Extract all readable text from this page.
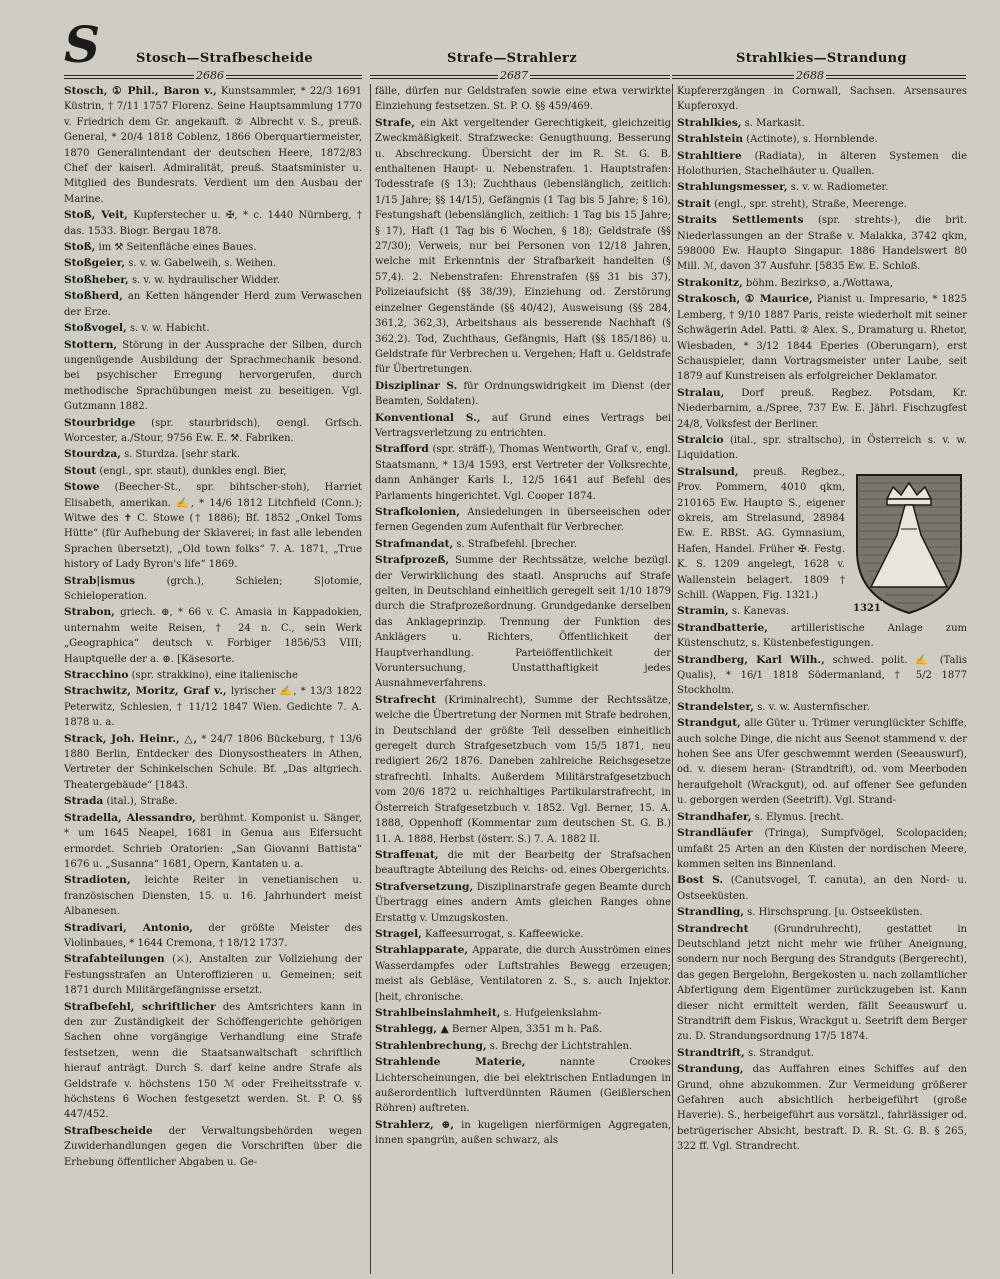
S	Stosch—Strafbescheide	Strafe—Strahlerz	Strahlkies—Strandung
2686	2687	2688

Stosch, ① Phil., Baron v., Kunstsammler, * 22/3 1691 Küstrin, † 7/11 1757 Florenz. Seine Hauptsammlung 1770 v. Friedrich dem Gr. angekauft. ② Albrecht v. S., preuß. General, * 20/4 1818 Coblenz, 1866 Oberquartiermeister, 1870 Generalintendant der deutschen Heere, 1872/83 Chef der kaiserl. Admiralität, preuß. Staatsminister u. Mitglied des Bundesrats. Verdient um den Ausbau der Marine.

Stoß, Veit, Kupferstecher u. ✠, * c. 1440 Nürnberg, † das. 1533. Biogr. Bergau 1878.

Stoß, im ⚒ Seitenfläche eines Baues.

Stoßgeier, s. v. w. Gabelweih, s. Weihen.

Stoßheber, s. v. w. hydraulischer Widder.

Stoßherd, an Ketten hängender Herd zum Verwaschen der Erze.

Stoßvogel, s. v. w. Habicht.

Stottern, Störung in der Aussprache der Silben, durch ungenügende Ausbildung der Sprachmechanik besond. bei psychischer Erregung hervorgerufen, durch methodische Sprachübungen meist zu beseitigen. Vgl. Gutzmann 1882.

Stourbridge (spr. staurbridsch), ⊙engl. Grfsch. Worcester, a./Stour, 9756 Ew. E. ⚒. Fabriken.

Stourdza, s. Sturdza. [sehr stark.

Stout (engl., spr. staut), dunkles engl. Bier,

Stowe (Beecher-St., spr. bihtscher-stoh), Harriet Elisabeth, amerikan. ✍, * 14/6 1812 Litchfield (Conn.); Witwe des ✝ C. Stowe († 1886); Bf. 1852 „Onkel Toms Hütte“ (für Aufhebung der Sklaverei; in fast alle lebenden Sprachen übersetzt), „Old town folks“ 7. A. 1871, „True history of Lady Byron's life“ 1869.

Strab|ismus	(grch.), Schielen; S|otomie, Schieloperation.

Strabon, griech. ⊕, * 66 v. C. Amasia in Kappadokien, unternahm weite Reisen, † 24 n. C., sein Werk „Geographica“ deutsch v. Forbiger 1856/53 VIII; Hauptquelle der a. ⊕. [Käsesorte.

Stracchino (spr. strakkino), eine italienische

Strachwitz, Moritz, Graf v., lyrischer ✍, * 13/3 1822 Peterwitz, Schlesien, † 11/12 1847 Wien. Gedichte 7. A. 1878 u. a.

Strack, Joh. Heinr., △, * 24/7 1806 Bückeburg, † 13/6 1880 Berlin, Entdecker des Dionysostheaters in Athen, Vertreter der Schinkelschen Schule. Bf. „Das altgriech. Theatergebäude“ [1843.

Strada (ital.), Straße.

Stradella, Alessandro, berühmt. Komponist u. Sänger, * um 1645 Neapel, 1681 in Genua aus Eifersucht ermordet. Schrieb Oratorien: „San Giovanni Battista“ 1676 u. „Susanna“ 1681, Opern, Kantaten u. a.

Stradioten, leichte Reiter in venetianischen u. französischen Diensten, 15. u. 16. Jahrhundert meist Albanesen.

Stradivari, Antonio, der größte Meister des Violinbaues, * 1644 Cremona, † 18/12 1737.

Strafabteilungen (⚔), Anstalten zur Vollziehung der Festungsstrafen an Unteroffizieren u. Gemeinen; seit 1871 durch Militärgefängnisse ersetzt.

Strafbefehl, schriftlicher des Amtsrichters kann in den zur Zuständigkeit der Schöffengerichte gehörigen Sachen ohne vorgängige Verhandlung eine Strafe festsetzen, wenn die Staatsanwaltschaft schriftlich hierauf anträgt. Durch S. darf keine andre Strafe als Geldstrafe v. höchstens 150 ℳ oder Freiheitsstrafe v. höchstens 6 Wochen festgesetzt werden. St. P. O. §§ 447/452.

Strafbescheide der Verwaltungsbehörden wegen Zuwiderhandlungen gegen die Vorschriften über die Erhebung öffentlicher Abgaben u. Ge-

fälle, dürfen nur Geldstrafen sowie eine etwa verwirkte Einziehung festsetzen. St. P. O. §§ 459/469.

Strafe, ein Akt vergeltender Gerechtigkeit, gleichzeitig Zweckmäßigkeit. Strafzwecke: Genugthuung, Besserung u. Abschreckung. Übersicht der im R. St. G. B. enthaltenen Haupt- u. Nebenstrafen. 1. Hauptstrafen: Todesstrafe (§ 13); Zuchthaus (lebenslänglich, zeitlich: 1/15 Jahre; §§ 14/15), Gefängnis (1 Tag bis 5 Jahre; § 16), Festungshaft (lebenslänglich, zeitlich: 1 Tag bis 15 Jahre; § 17), Haft (1 Tag bis 6 Wochen, § 18); Geldstrafe (§§ 27/30); Verweis, nur bei Personen von 12/18 Jahren, welche mit Erkenntnis der Strafbarkeit handelten (§ 57,4). 2. Nebenstrafen: Ehrenstrafen (§§ 31 bis 37), Polizeiaufsicht (§§ 38/39), Einziehung od. Zerstörung einzelner Gegenstände (§§ 40/42), Ausweisung (§§ 284, 361,2, 362,3), Arbeitshaus als besserende Nachhaft (§ 362,2). Tod, Zuchthaus, Gefängnis, Haft (§§ 185/186) u. Geldstrafe für Verbrechen u. Vergehen; Haft u. Geldstrafe für Übertretungen.

Disziplinar S. für Ordnungswidrigkeit im Dienst (der Beamten, Soldaten).

Konventional S., auf Grund eines Vertrags bei Vertragsverletzung zu entrichten.

Strafford (spr. sträff-), Thomas Wentworth, Graf v., engl. Staatsmann, * 13/4 1593, erst Vertreter der Volksrechte, dann Anhänger Karls I., 12/5 1641 auf Befehl des Parlaments hingerichtet. Vgl. Cooper 1874.

Strafkolonien, Ansiedelungen in überseeischen oder fernen Gegenden zum Aufenthalt für Verbrecher.

Strafmandat, s. Strafbefehl. [brecher.

Strafprozeß, Summe der Rechtssätze, welche bezügl. der Verwirklichung des staatl. Anspruchs auf Strafe gelten, in Deutschland einheitlich geregelt seit 1/10 1879 durch die Strafprozeßordnung. Grundgedanke derselben das Anklageprinzip. Trennung der Funktion des Anklägers u. Richters, Öffentlichkeit der Hauptverhandlung. Parteiöffentlichkeit der Voruntersuchung, Unstatthaftigkeit jedes Ausnahmeverfahrens.

Strafrecht (Kriminalrecht), Summe der Rechtssätze, welche die Übertretung der Normen mit Strafe bedrohen, in Deutschland der größte Teil desselben einheitlich geregelt durch Strafgesetzbuch vom 15/5 1871, neu redigiert 26/2 1876. Daneben zahlreiche Reichsgesetze strafrechtl. Inhalts. Außerdem Militärstrafgesetzbuch vom 20/6 1872 u. reichhaltiges Partikularstrafrecht, in Österreich Strafgesetzbuch v. 1852. Vgl. Berner, 15. A. 1888, Oppenhoff (Kommentar zum deutschen St. G. B.) 11. A. 1888, Herbst (österr. S.) 7. A. 1882 II.

Straffenat, die mit der Bearbeitg der Strafsachen beauftragte Abteilung des Reichs- od. eines Obergerichts.

Strafversetzung, Disziplinarstrafe gegen Beamte durch Übertragg eines andern Amts gleichen Ranges ohne Erstattg v. Umzugskosten.

Stragel, Kaffeesurrogat, s. Kaffeewicke.

Strahlapparate, Apparate, die durch Ausströmen eines Wasserdampfes oder Luftstrahles Bewegg erzeugen; meist als Gebläse, Ventilatoren z. S., s. auch Injektor. [heit, chronische.

Strahlbeinslahmheit, s. Hufgelenkslahm-

Strahlegg, ▲ Berner Alpen, 3351 m h. Paß.

Strahlenbrechung, s. Brechg der Lichtstrahlen.

Strahlende Materie,	nannte Crookes Lichterscheinungen, die bei elektrischen Entladungen in außerordentlich luftverdünnten Räumen (Geißlerschen Röhren) auftreten.

Strahlerz, ⊕, in kugeligen nierförmigen Aggregaten, innen spangrün, außen schwarz, als

Kupfererzgängen in Cornwall, Sachsen. Arsensaures Kupferoxyd.

Strahlkies, s. Markasit.

Strahlstein (Actinote), s. Hornblende.

Strahltiere (Radiata), in älteren Systemen die Holothurien, Stachelhäuter u. Quallen.

Strahlungsmesser, s. v. w. Radiometer.

Strait (engl., spr. streht), Straße, Meerenge.

Straits Settlements (spr. strehts-), die brit. Niederlassungen an der Straße v. Malakka, 3742 qkm, 598000 Ew. Haupt⊙ Singapur. 1886 Handelswert 80 Mill. ℳ, davon 37 Ausfuhr. [5835 Ew. E. Schloß.

Strakonitz, böhm. Bezirks⊙, a./Wottawa,

Strakosch, ① Maurice, Pianist u. Impresario, * 1825 Lemberg, † 9/10 1887 Paris, reiste wiederholt mit seiner Schwägerin Adel. Patti. ② Alex. S., Dramaturg u. Rhetor, Wiesbaden, * 3/12 1844 Eperies (Oberungarn), erst Schauspieler, dann Vortragsmeister unter Laube, seit 1879 auf Kunstreisen als erfolgreicher Deklamator.

Stralau, Dorf preuß. Regbez. Potsdam, Kr. Niederbarnim, a./Spree, 737 Ew. E. Jährl. Fischzugfest 24/8, Volksfest der Berliner.

Stralcio (ital., spr. straltscho), in Österreich s. v. w. Liquidation.

1321

Stralsund, preuß. Regbez., Prov. Pommern, 4010 qkm, 210165 Ew. Haupt⊙ S., eigener ⊙kreis, am Strelasund, 28984 Ew. E. RBSt. AG. Gymnasium, Hafen, Handel. Früher ✠. Festg. K. S. 1209 angelegt, 1628 v. Wallenstein belagert. 1809 † Schill. (Wappen, Fig. 1321.)

Stramin, s. Kanevas.

Strandbatterie, artilleristische Anlage zum Küstenschutz, s. Küstenbefestigungen.

Strandberg, Karl Wilh., schwed. polit. ✍ (Talis Qualis), * 16/1 1818 Södermanland, † 5/2 1877 Stockholm.

Strandelster, s. v. w. Austernfischer.

Strandgut, alle Güter u. Trümer verunglückter Schiffe, auch solche Dinge, die nicht aus Seenot stammend v. der hohen See ans Ufer geschwemmt werden (Seeauswurf), od. v. diesem heran- (Strandtrift), od. vom Meerboden heraufgeholt (Wrackgut), od. auf offener See gefunden u. geborgen werden (Seetrift). Vgl. Strand-

Strandhafer, s. Elymus. [recht.

Strandläufer (Tringa), Sumpfvögel, Scolopaciden; umfaßt 25 Arten an den Küsten der nordischen Meere, kommen selten ins Binnenland.

Bost S. (Canutsvogel, T. canuta), an den Nord- u. Ostseeküsten.

Strandling, s. Hirschsprung. [u. Ostseeküsten.

Strandrecht	(Grundruhrecht), gestattet in Deutschland jetzt nicht mehr wie früher Aneignung, sondern nur noch Bergung des Strandguts (Bergerecht), das gegen Bergelohn, Bergekosten u. nach zollamtlicher Abfertigung dem Eigentümer zurückzugeben ist. Kann dieser nicht ermittelt werden, fällt Seeauswurf u. Strandtrift dem Fiskus, Wrackgut u. Seetrift dem Berger zu. D. Strandungsordnung 17/5 1874.

Strandtrift, s. Strandgut.

Strandung, das Auffahren eines Schiffes auf den Grund, ohne abzukommen. Zur Vermeidung größerer Gefahren auch absichtlich herbeigeführt (große Haverie). S., herbeigeführt aus vorsätzl., fahrlässiger od. betrügerischer Absicht, bestraft. D. R. St. G. B. § 265, 322 ff. Vgl. Strandrecht.
